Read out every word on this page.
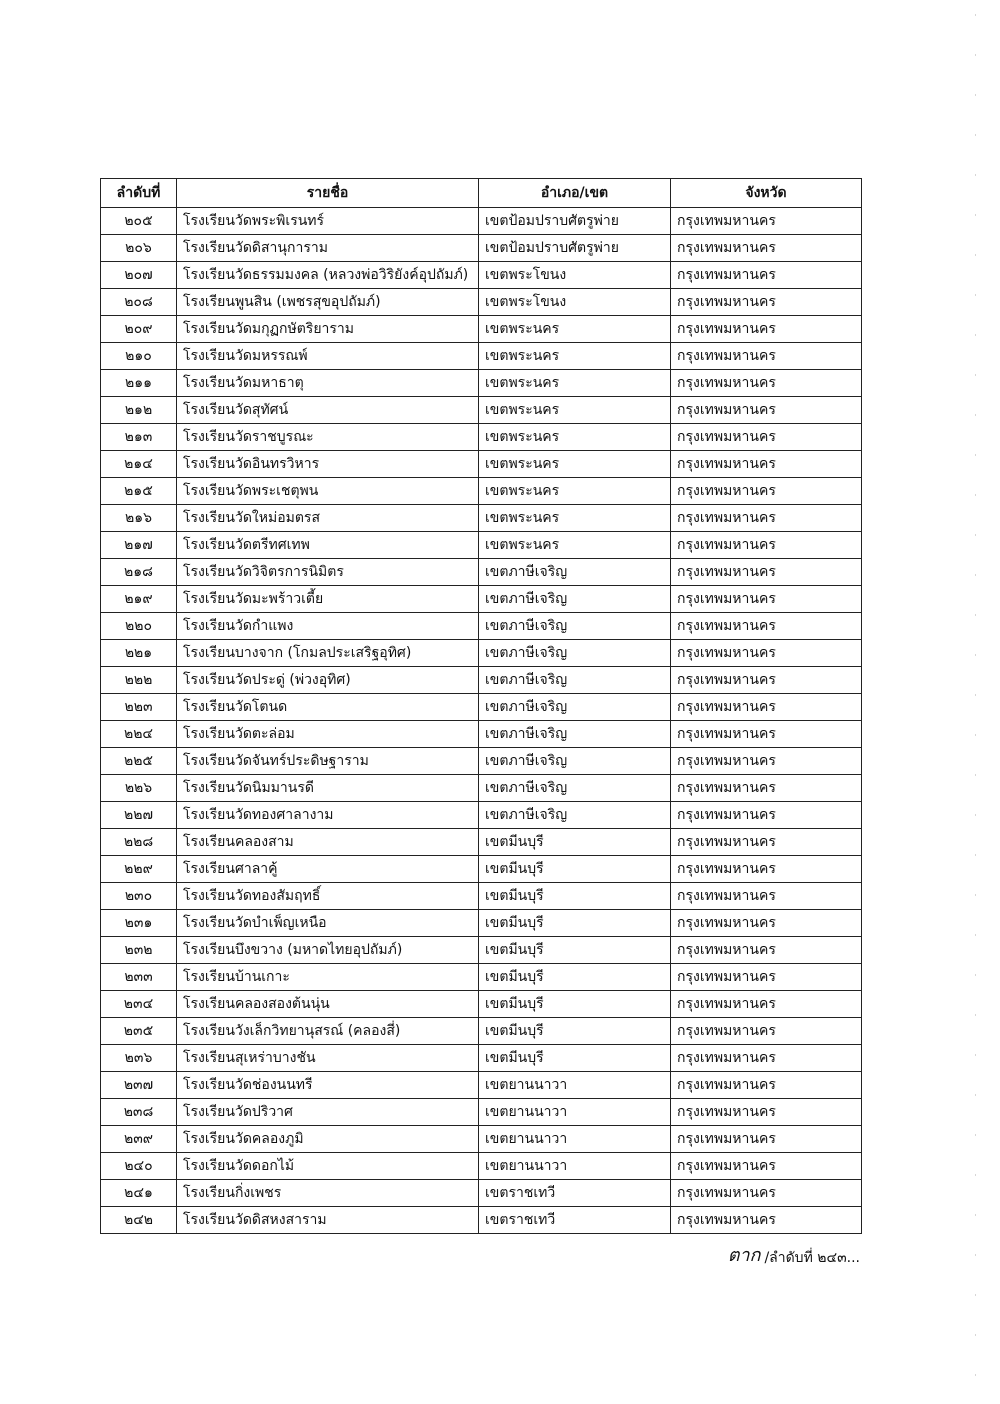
ลำดับที่	รายชื่อ	อำเภอ/เขต	จังหวัด
๒๐๕	โรงเรียนวัดพระพิเรนทร์	เขตป้อมปราบศัตรูพ่าย	กรุงเทพมหานคร
๒๐๖	โรงเรียนวัดดิสานุการาม	เขตป้อมปราบศัตรูพ่าย	กรุงเทพมหานคร
๒๐๗	โรงเรียนวัดธรรมมงคล (หลวงพ่อวิริยังค์อุปถัมภ์)	เขตพระโขนง	กรุงเทพมหานคร
๒๐๘	โรงเรียนพูนสิน (เพชรสุขอุปถัมภ์)	เขตพระโขนง	กรุงเทพมหานคร
๒๐๙	โรงเรียนวัดมกุฏกษัตริยาราม	เขตพระนคร	กรุงเทพมหานคร
๒๑๐	โรงเรียนวัดมหรรณพ์	เขตพระนคร	กรุงเทพมหานคร
๒๑๑	โรงเรียนวัดมหาธาตุ	เขตพระนคร	กรุงเทพมหานคร
๒๑๒	โรงเรียนวัดสุทัศน์	เขตพระนคร	กรุงเทพมหานคร
๒๑๓	โรงเรียนวัดราชบูรณะ	เขตพระนคร	กรุงเทพมหานคร
๒๑๔	โรงเรียนวัดอินทรวิหาร	เขตพระนคร	กรุงเทพมหานคร
๒๑๕	โรงเรียนวัดพระเชตุพน	เขตพระนคร	กรุงเทพมหานคร
๒๑๖	โรงเรียนวัดใหม่อมตรส	เขตพระนคร	กรุงเทพมหานคร
๒๑๗	โรงเรียนวัดตรีทศเทพ	เขตพระนคร	กรุงเทพมหานคร
๒๑๘	โรงเรียนวัดวิจิตรการนิมิตร	เขตภาษีเจริญ	กรุงเทพมหานคร
๒๑๙	โรงเรียนวัดมะพร้าวเตี้ย	เขตภาษีเจริญ	กรุงเทพมหานคร
๒๒๐	โรงเรียนวัดกำแพง	เขตภาษีเจริญ	กรุงเทพมหานคร
๒๒๑	โรงเรียนบางจาก (โกมลประเสริฐอุทิศ)	เขตภาษีเจริญ	กรุงเทพมหานคร
๒๒๒	โรงเรียนวัดประดู่ (พ่วงอุทิศ)	เขตภาษีเจริญ	กรุงเทพมหานคร
๒๒๓	โรงเรียนวัดโตนด	เขตภาษีเจริญ	กรุงเทพมหานคร
๒๒๔	โรงเรียนวัดตะล่อม	เขตภาษีเจริญ	กรุงเทพมหานคร
๒๒๕	โรงเรียนวัดจันทร์ประดิษฐาราม	เขตภาษีเจริญ	กรุงเทพมหานคร
๒๒๖	โรงเรียนวัดนิมมานรดี	เขตภาษีเจริญ	กรุงเทพมหานคร
๒๒๗	โรงเรียนวัดทองศาลางาม	เขตภาษีเจริญ	กรุงเทพมหานคร
๒๒๘	โรงเรียนคลองสาม	เขตมีนบุรี	กรุงเทพมหานคร
๒๒๙	โรงเรียนศาลาคู้	เขตมีนบุรี	กรุงเทพมหานคร
๒๓๐	โรงเรียนวัดทองสัมฤทธิ์	เขตมีนบุรี	กรุงเทพมหานคร
๒๓๑	โรงเรียนวัดบำเพ็ญเหนือ	เขตมีนบุรี	กรุงเทพมหานคร
๒๓๒	โรงเรียนบึงขวาง (มหาดไทยอุปถัมภ์)	เขตมีนบุรี	กรุงเทพมหานคร
๒๓๓	โรงเรียนบ้านเกาะ	เขตมีนบุรี	กรุงเทพมหานคร
๒๓๔	โรงเรียนคลองสองต้นนุ่น	เขตมีนบุรี	กรุงเทพมหานคร
๒๓๕	โรงเรียนวังเล็กวิทยานุสรณ์ (คลองสี่)	เขตมีนบุรี	กรุงเทพมหานคร
๒๓๖	โรงเรียนสุเหร่าบางชัน	เขตมีนบุรี	กรุงเทพมหานคร
๒๓๗	โรงเรียนวัดช่องนนทรี	เขตยานนาวา	กรุงเทพมหานคร
๒๓๘	โรงเรียนวัดปริวาศ	เขตยานนาวา	กรุงเทพมหานคร
๒๓๙	โรงเรียนวัดคลองภูมิ	เขตยานนาวา	กรุงเทพมหานคร
๒๔๐	โรงเรียนวัดดอกไม้	เขตยานนาวา	กรุงเทพมหานคร
๒๔๑	โรงเรียนกิ่งเพชร	เขตราชเทวี	กรุงเทพมหานคร
๒๔๒	โรงเรียนวัดดิสหงสาราม	เขตราชเทวี	กรุงเทพมหานคร
ตาก /ลำดับที่ ๒๔๓...
